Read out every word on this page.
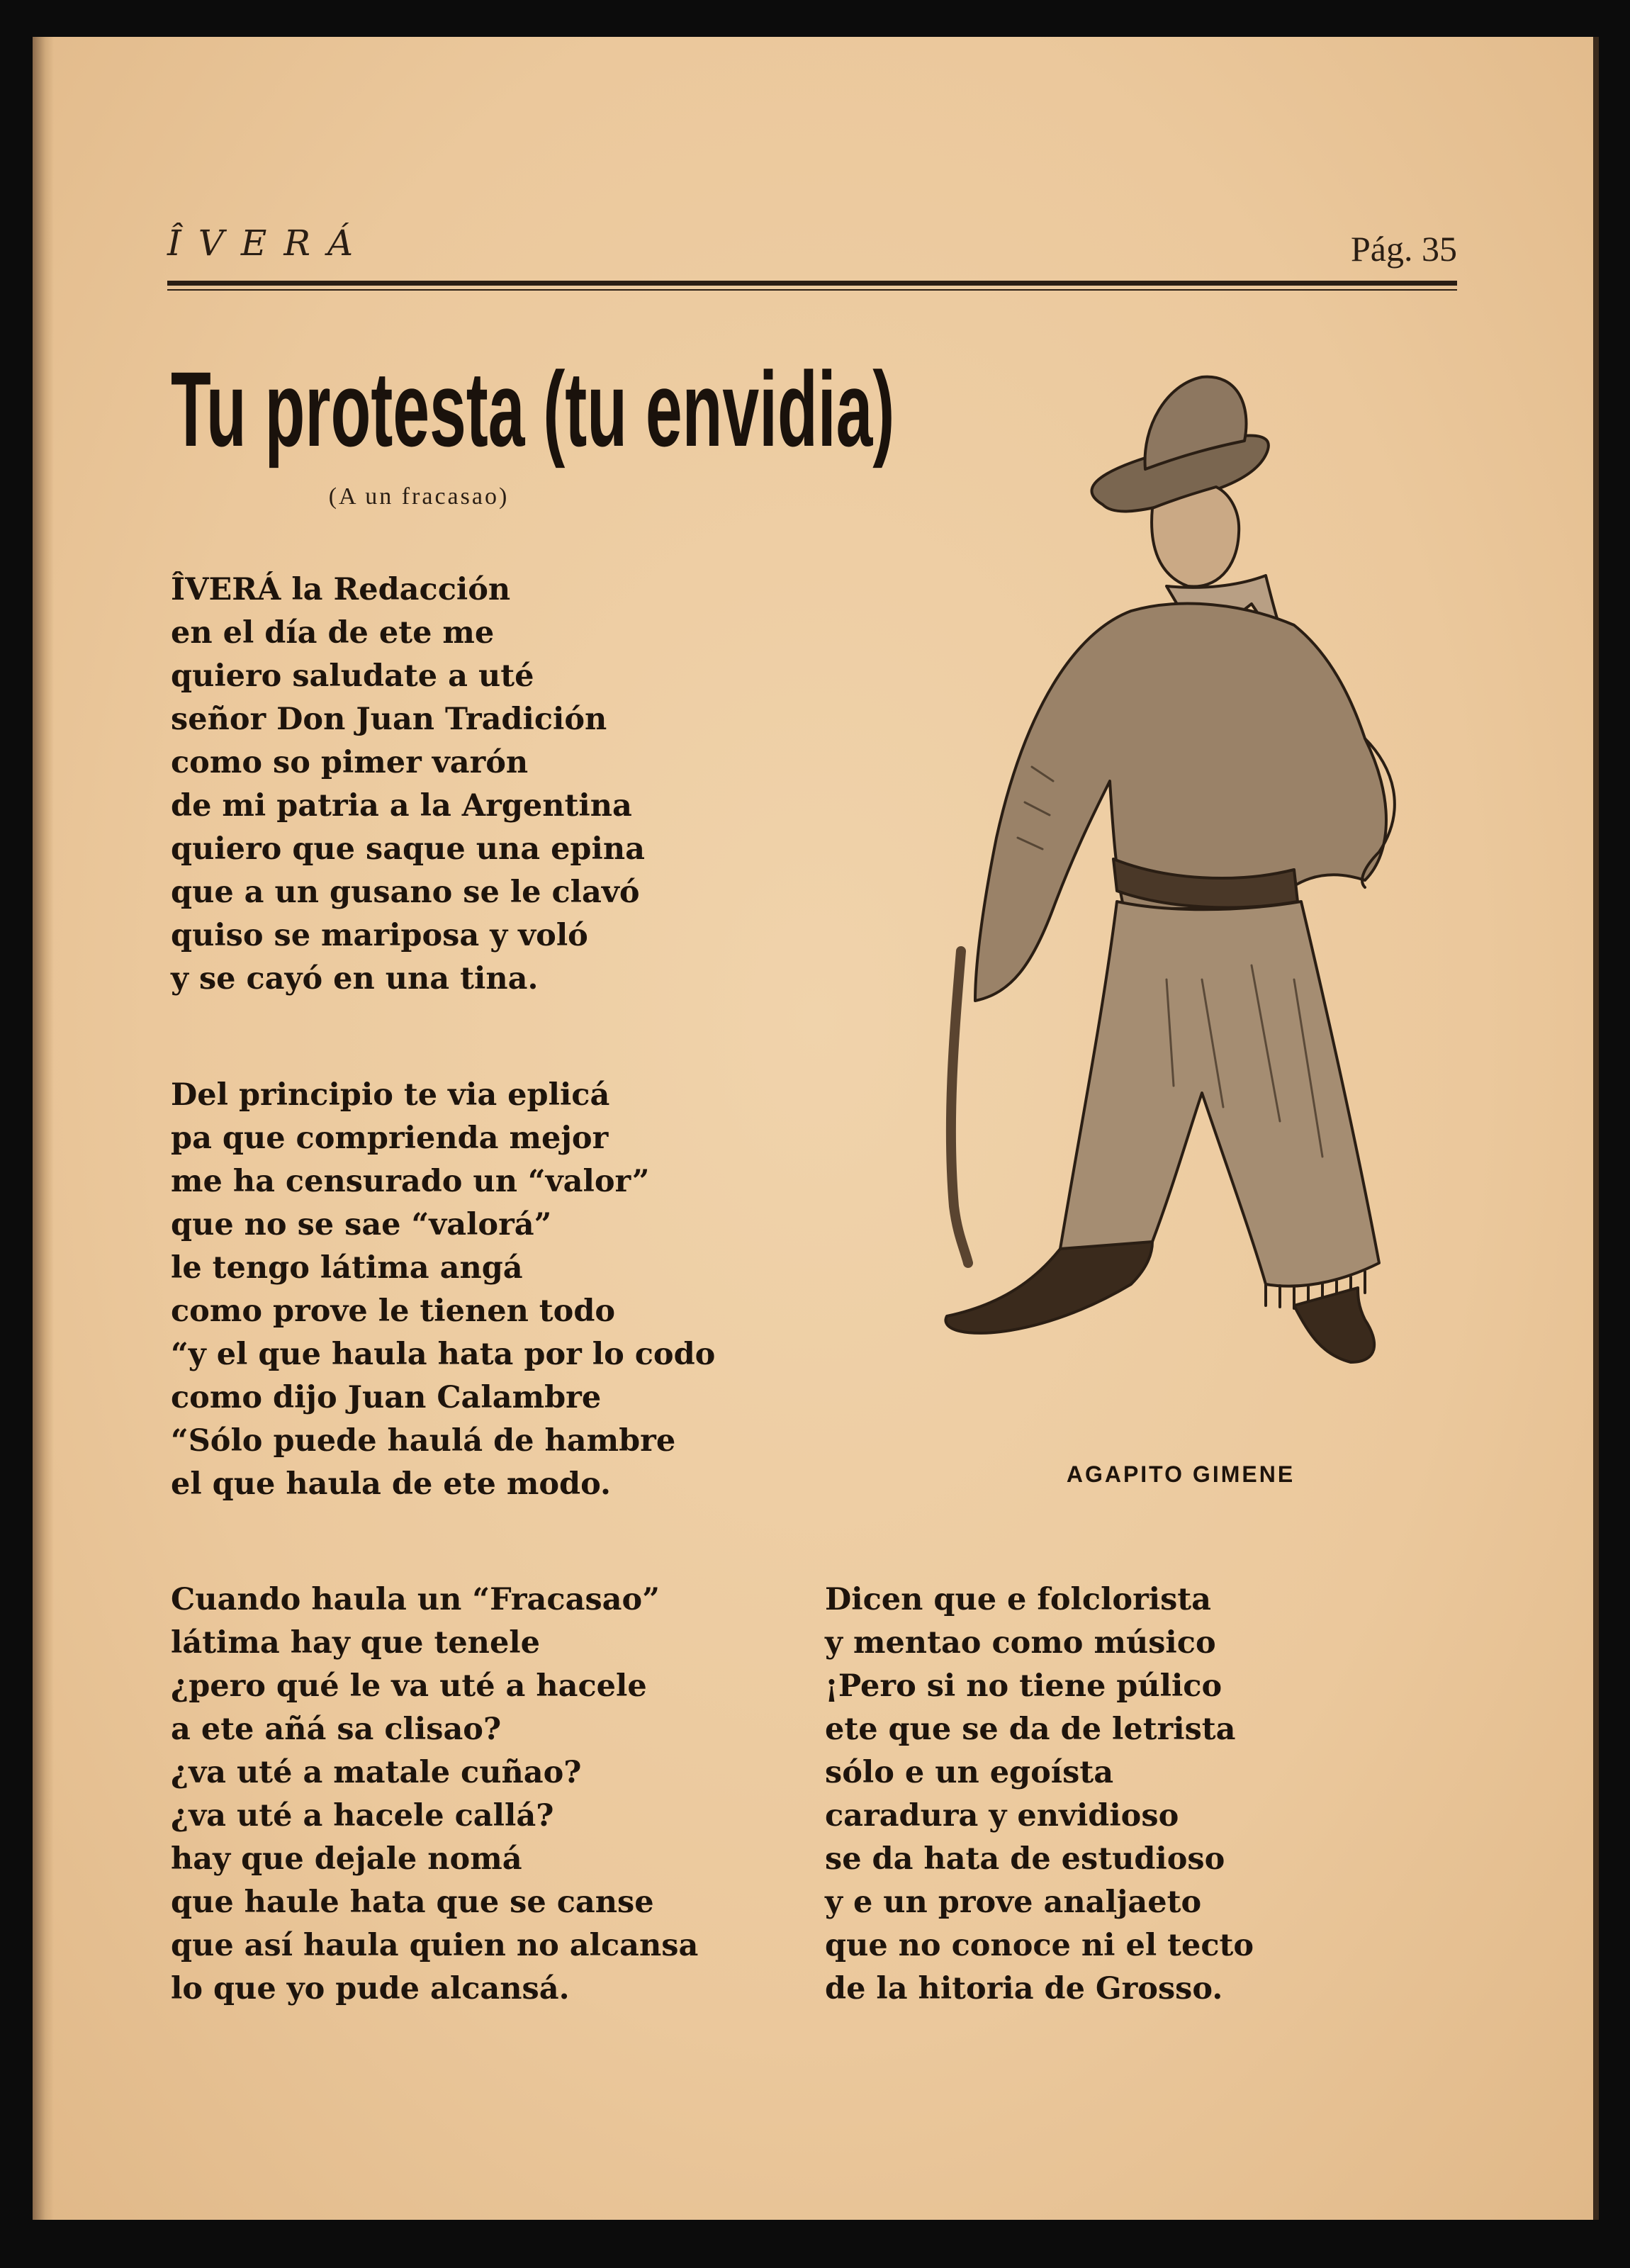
ÎVERÁ	Pág. 35
Tu protesta (tu envidia)
(A un fracasao)
ÎVERÁ la Redacción
en el día de ete me
quiero saludate a uté
señor Don Juan Tradición
como so pimer varón
de mi patria a la Argentina
quiero que saque una epina
que a un gusano se le clavó
quiso se mariposa y voló
y se cayó en una tina.
Del principio te via eplicá
pa que comprienda mejor
me ha censurado un “valor”
que no se sae “valorá”
le tengo látima angá
como prove le tienen todo
“y el que haula hata por lo codo
como dijo Juan Calambre
“Sólo puede haulá de hambre
el que haula de ete modo.
Cuando haula un “Fracasao”
látima hay que tenele
¿pero qué le va uté a hacele
a ete añá sa clisao?
¿va uté a matale cuñao?
¿va uté a hacele callá?
hay que dejale nomá
que haule hata que se canse
que así haula quien no alcansa
lo que yo pude alcansá.
Dicen que e folclorista
y mentao como músico
¡Pero si no tiene púlico
ete que se da de letrista
sólo e un egoísta
caradura y envidioso
se da hata de estudioso
y e un prove analjaeto
que no conoce ni el tecto
de la hitoria de Grosso.
AGAPITO GIMENE
